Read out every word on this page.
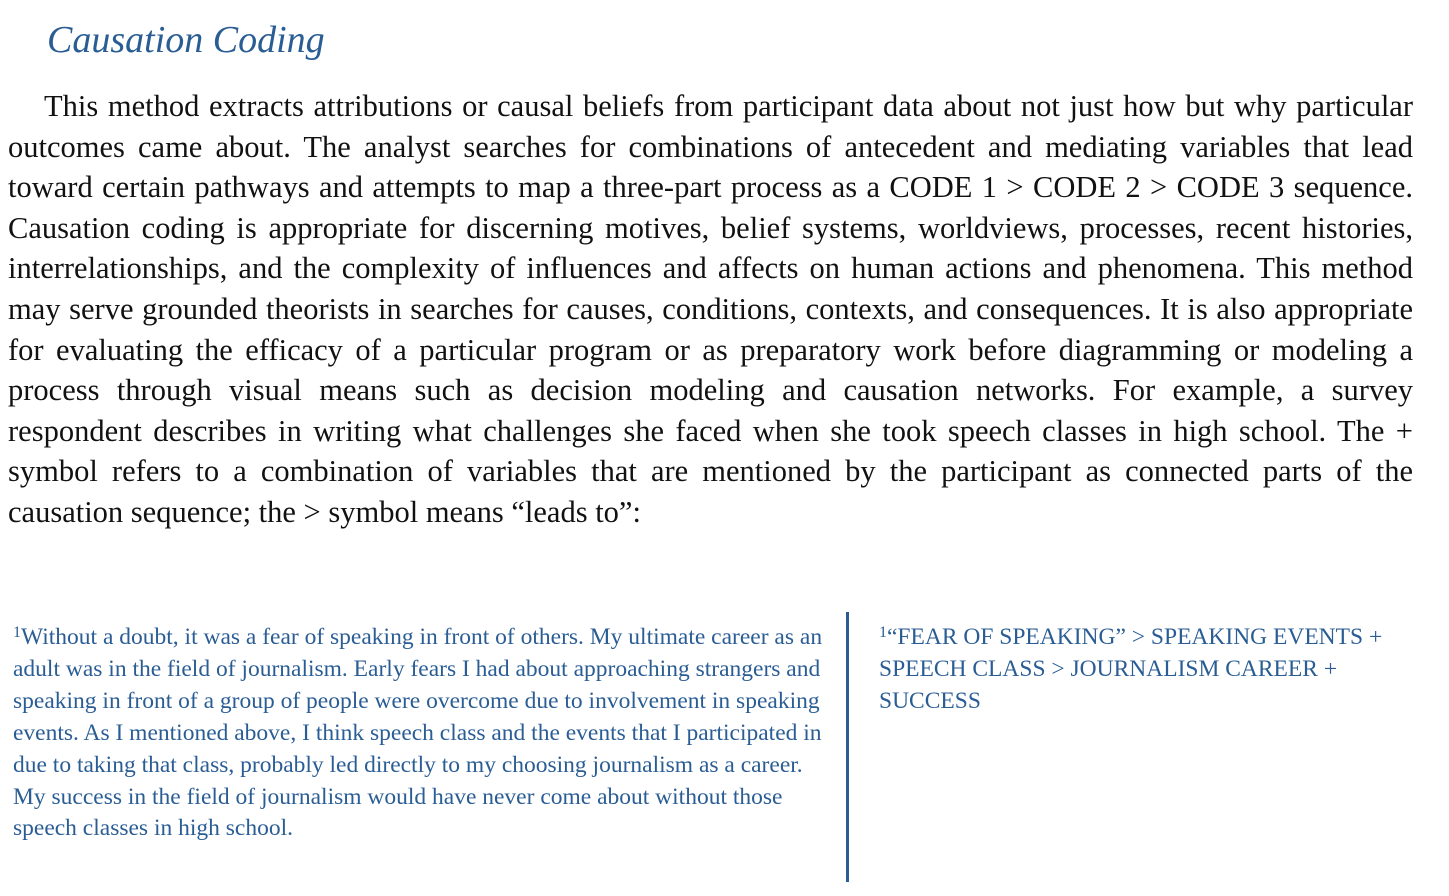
Causation Coding

This method extracts attributions or causal beliefs from participant data about not just how but why particular outcomes came about. The analyst searches for combinations of antecedent and mediating variables that lead toward certain pathways and attempts to map a three-part process as a CODE 1 > CODE 2 > CODE 3 sequence. Causation coding is appropriate for discerning motives, belief systems, worldviews, processes, recent histories, interrelationships, and the complexity of influences and affects on human actions and phenomena. This method may serve grounded theorists in searches for causes, conditions, contexts, and consequences. It is also appropriate for evaluating the efficacy of a particular program or as preparatory work before diagramming or modeling a process through visual means such as decision modeling and causation networks. For example, a survey respondent describes in writing what challenges she faced when she took speech classes in high school. The + symbol refers to a combination of variables that are mentioned by the participant as connected parts of the causation sequence; the > symbol means “leads to”:

$^1$Without a doubt, it was a fear of speaking in front of others. My ultimate career as an adult was in the field of journalism. Early fears I had about approaching strangers and speaking in front of a group of people were overcome due to involvement in speaking events. As I mentioned above, I think speech class and the events that I participated in due to taking that class, probably led directly to my choosing journalism as a career. My success in the field of journalism would have never come about without those speech classes in high school.

$^1$“FEAR OF SPEAKING” > SPEAKING EVENTS + SPEECH CLASS > JOURNALISM CAREER + SUCCESS
